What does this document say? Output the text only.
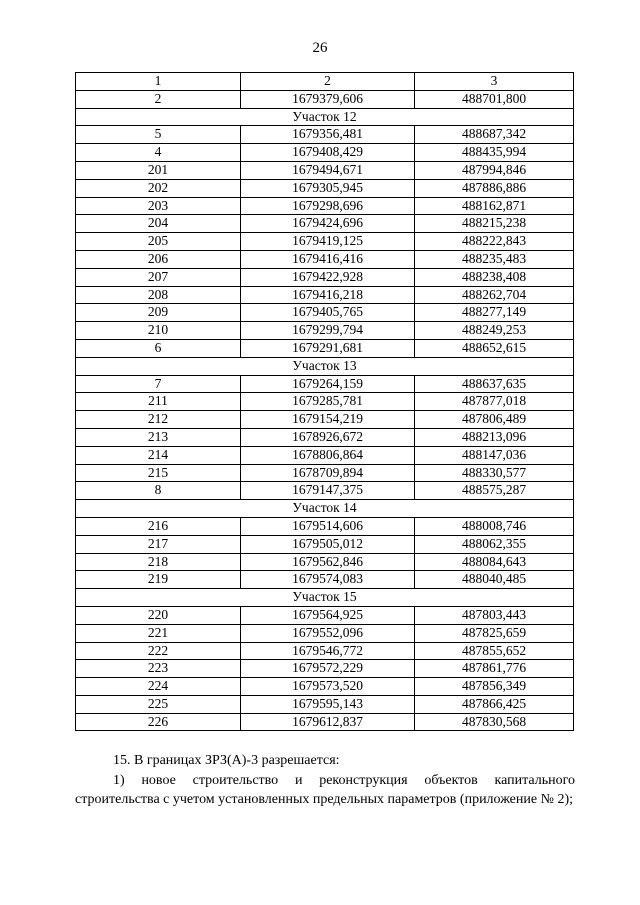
26
1	2	3
2	1679379,606	488701,800
Участок 12		
5	1679356,481	488687,342
4	1679408,429	488435,994
201	1679494,671	487994,846
202	1679305,945	487886,886
203	1679298,696	488162,871
204	1679424,696	488215,238
205	1679419,125	488222,843
206	1679416,416	488235,483
207	1679422,928	488238,408
208	1679416,218	488262,704
209	1679405,765	488277,149
210	1679299,794	488249,253
6	1679291,681	488652,615
Участок 13		
7	1679264,159	488637,635
211	1679285,781	487877,018
212	1679154,219	487806,489
213	1678926,672	488213,096
214	1678806,864	488147,036
215	1678709,894	488330,577
8	1679147,375	488575,287
Участок 14		
216	1679514,606	488008,746
217	1679505,012	488062,355
218	1679562,846	488084,643
219	1679574,083	488040,485
Участок 15		
220	1679564,925	487803,443
221	1679552,096	487825,659
222	1679546,772	487855,652
223	1679572,229	487861,776
224	1679573,520	487856,349
225	1679595,143	487866,425
226	1679612,837	487830,568
15. В границах ЗРЗ(А)-3 разрешается:
1) новое строительство и реконструкция объектов капитального строительства с учетом установленных предельных параметров (приложение № 2);
